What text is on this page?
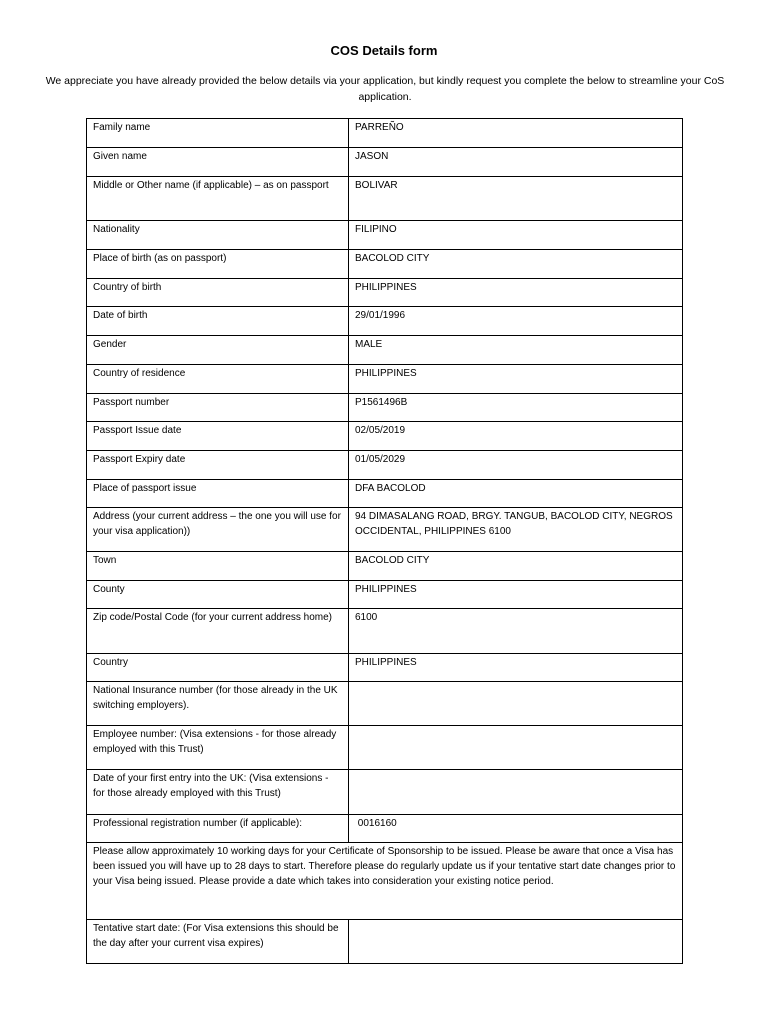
COS Details form
We appreciate you have already provided the below details via your application, but kindly request you complete the below to streamline your CoS application.
Family name	PARREÑO

Given name	JASON

Middle or Other name (if applicable) – as on passport	BOLIVAR

Nationality	FILIPINO

Place of birth (as on passport)	BACOLOD CITY

Country of birth	PHILIPPINES

Date of birth	29/01/1996

Gender	MALE

Country of residence	PHILIPPINES

Passport number	P1561496B

Passport Issue date	02/05/2019

Passport Expiry date	01/05/2029

Place of passport issue	DFA BACOLOD

Address (your current address – the one you will use for your visa application))	94 DIMASALANG ROAD, BRGY. TANGUB, BACOLOD CITY, NEGROS OCCIDENTAL, PHILIPPINES 6100

Town	BACOLOD CITY

County	PHILIPPINES

Zip code/Postal Code (for your current address home)	6100

Country	PHILIPPINES

National Insurance number (for those already in the UK switching employers).	

Employee number: (Visa extensions - for those already employed with this Trust)	

Date of your first entry into the UK: (Visa extensions - for those already employed with this Trust)	

Professional registration number (if applicable):	0016160

Please allow approximately 10 working days for your Certificate of Sponsorship to be issued. Please be aware that once a Visa has been issued you will have up to 28 days to start. Therefore please do regularly update us if your tentative start date changes prior to your Visa being issued. Please provide a date which takes into consideration your existing notice period.	

Tentative start date: (For Visa extensions this should be the day after your current visa expires)	
